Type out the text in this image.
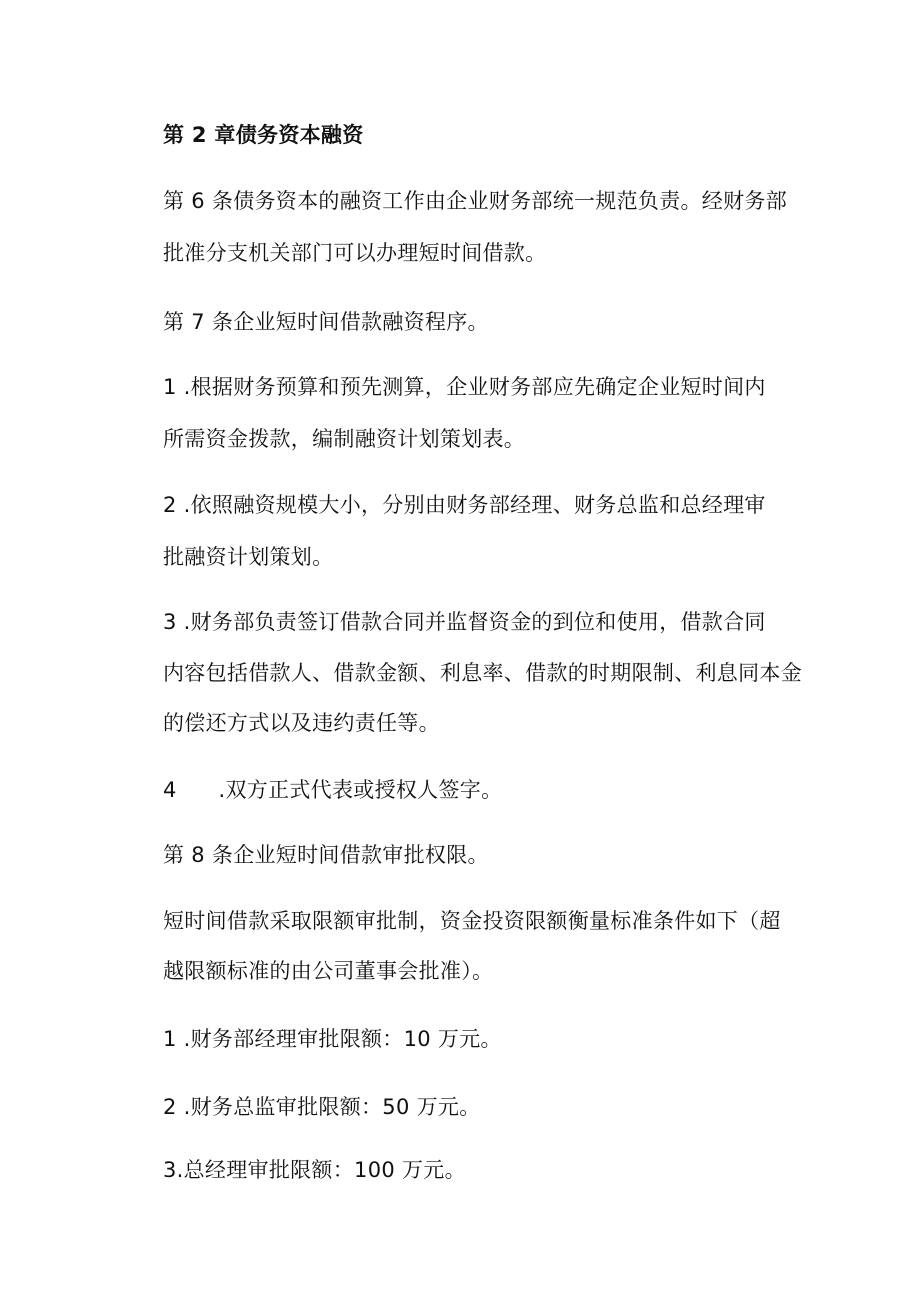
第 2 章债务资本融资
第 6 条债务资本的融资工作由企业财务部统一规范负责。经财务部
批准分支机关部门可以办理短时间借款。
第 7 条企业短时间借款融资程序。
1 .根据财务预算和预先测算，企业财务部应先确定企业短时间内
所需资金拨款，编制融资计划策划表。
2 .依照融资规模大小，分别由财务部经理、财务总监和总经理审
批融资计划策划。
3 .财务部负责签订借款合同并监督资金的到位和使用，借款合同
内容包括借款人、借款金额、利息率、借款的时期限制、利息同本金
的偿还方式以及违约责任等。
4      .双方正式代表或授权人签字。
第 8 条企业短时间借款审批权限。
短时间借款采取限额审批制，资金投资限额衡量标准条件如下（超
越限额标准的由公司董事会批准）。
1 .财务部经理审批限额：10 万元。
2 .财务总监审批限额：50 万元。
3.总经理审批限额：100 万元。
